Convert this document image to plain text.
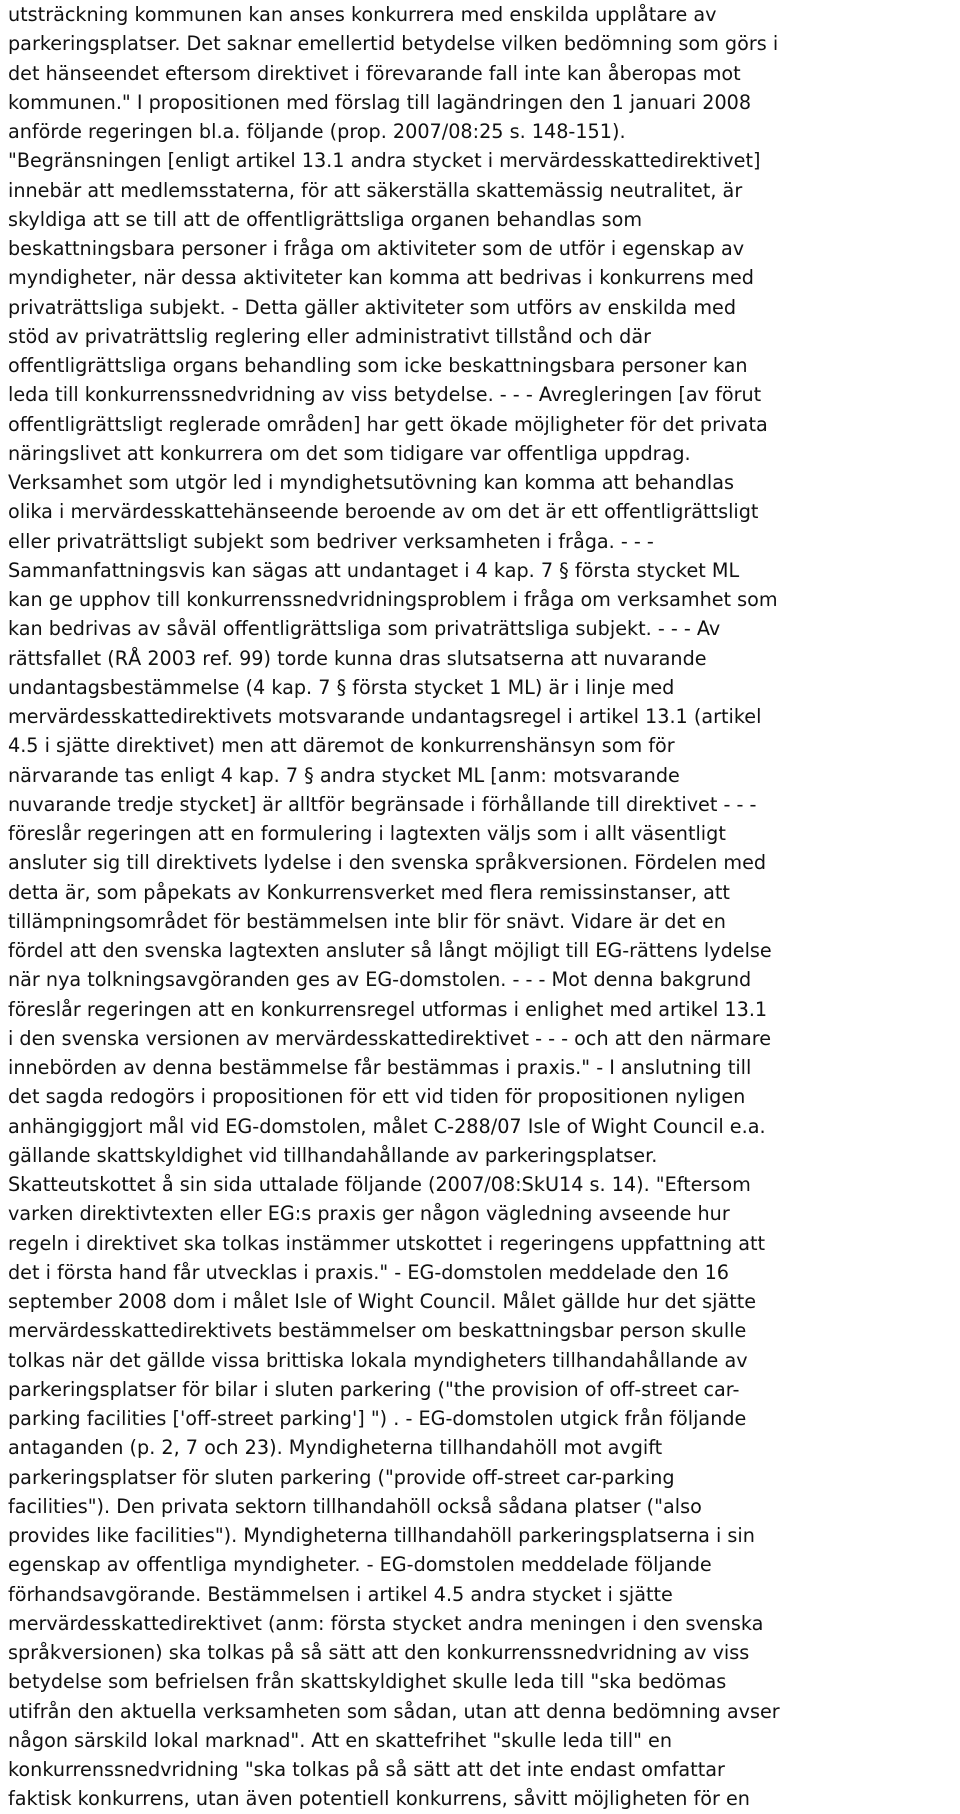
utsträckning kommunen kan anses konkurrera med enskilda upplåtare av
parkeringsplatser. Det saknar emellertid betydelse vilken bedömning som görs i
det hänseendet eftersom direktivet i förevarande fall inte kan åberopas mot
kommunen." I propositionen med förslag till lagändringen den 1 januari 2008
anförde regeringen bl.a. följande (prop. 2007/08:25 s. 148-151).
"Begränsningen [enligt artikel 13.1 andra stycket i mervärdesskattedirektivet]
innebär att medlemsstaterna, för att säkerställa skattemässig neutralitet, är
skyldiga att se till att de offentligrättsliga organen behandlas som
beskattningsbara personer i fråga om aktiviteter som de utför i egenskap av
myndigheter, när dessa aktiviteter kan komma att bedrivas i konkurrens med
privaträttsliga subjekt. - Detta gäller aktiviteter som utförs av enskilda med
stöd av privaträttslig reglering eller administrativt tillstånd och där
offentligrättsliga organs behandling som icke beskattningsbara personer kan
leda till konkurrenssnedvridning av viss betydelse. - - - Avregleringen [av förut
offentligrättsligt reglerade områden] har gett ökade möjligheter för det privata
näringslivet att konkurrera om det som tidigare var offentliga uppdrag.
Verksamhet som utgör led i myndighetsutövning kan komma att behandlas
olika i mervärdesskattehänseende beroende av om det är ett offentligrättsligt
eller privaträttsligt subjekt som bedriver verksamheten i fråga. - - -
Sammanfattningsvis kan sägas att undantaget i 4 kap. 7 § första stycket ML
kan ge upphov till konkurrenssnedvridningsproblem i fråga om verksamhet som
kan bedrivas av såväl offentligrättsliga som privaträttsliga subjekt. - - - Av
rättsfallet (RÅ 2003 ref. 99) torde kunna dras slutsatserna att nuvarande
undantagsbestämmelse (4 kap. 7 § första stycket 1 ML) är i linje med
mervärdesskattedirektivets motsvarande undantagsregel i artikel 13.1 (artikel
4.5 i sjätte direktivet) men att däremot de konkurrenshänsyn som för
närvarande tas enligt 4 kap. 7 § andra stycket ML [anm: motsvarande
nuvarande tredje stycket] är alltför begränsade i förhållande till direktivet - - -
föreslår regeringen att en formulering i lagtexten väljs som i allt väsentligt
ansluter sig till direktivets lydelse i den svenska språkversionen. Fördelen med
detta är, som påpekats av Konkurrensverket med flera remissinstanser, att
tillämpningsområdet för bestämmelsen inte blir för snävt. Vidare är det en
fördel att den svenska lagtexten ansluter så långt möjligt till EG-rättens lydelse
när nya tolkningsavgöranden ges av EG-domstolen. - - - Mot denna bakgrund
föreslår regeringen att en konkurrensregel utformas i enlighet med artikel 13.1
i den svenska versionen av mervärdesskattedirektivet - - - och att den närmare
innebörden av denna bestämmelse får bestämmas i praxis." - I anslutning till
det sagda redogörs i propositionen för ett vid tiden för propositionen nyligen
anhängiggjort mål vid EG-domstolen, målet C-288/07 Isle of Wight Council e.a.
gällande skattskyldighet vid tillhandahållande av parkeringsplatser.
Skatteutskottet å sin sida uttalade följande (2007/08:SkU14 s. 14). "Eftersom
varken direktivtexten eller EG:s praxis ger någon vägledning avseende hur
regeln i direktivet ska tolkas instämmer utskottet i regeringens uppfattning att
det i första hand får utvecklas i praxis." - EG-domstolen meddelade den 16
september 2008 dom i målet Isle of Wight Council. Målet gällde hur det sjätte
mervärdesskattedirektivets bestämmelser om beskattningsbar person skulle
tolkas när det gällde vissa brittiska lokala myndigheters tillhandahållande av
parkeringsplatser för bilar i sluten parkering ("the provision of off-street car-
parking facilities ['off-street parking'] ") . - EG-domstolen utgick från följande
antaganden (p. 2, 7 och 23). Myndigheterna tillhandahöll mot avgift
parkeringsplatser för sluten parkering ("provide off-street car-parking
facilities"). Den privata sektorn tillhandahöll också sådana platser ("also
provides like facilities"). Myndigheterna tillhandahöll parkeringsplatserna i sin
egenskap av offentliga myndigheter. - EG-domstolen meddelade följande
förhandsavgörande. Bestämmelsen i artikel 4.5 andra stycket i sjätte
mervärdesskattedirektivet (anm: första stycket andra meningen i den svenska
språkversionen) ska tolkas på så sätt att den konkurrenssnedvridning av viss
betydelse som befrielsen från skattskyldighet skulle leda till "ska bedömas
utifrån den aktuella verksamheten som sådan, utan att denna bedömning avser
någon särskild lokal marknad". Att en skattefrihet "skulle leda till" en
konkurrenssnedvridning "ska tolkas på så sätt att det inte endast omfattar
faktisk konkurrens, utan även potentiell konkurrens, såvitt möjligheten för en
